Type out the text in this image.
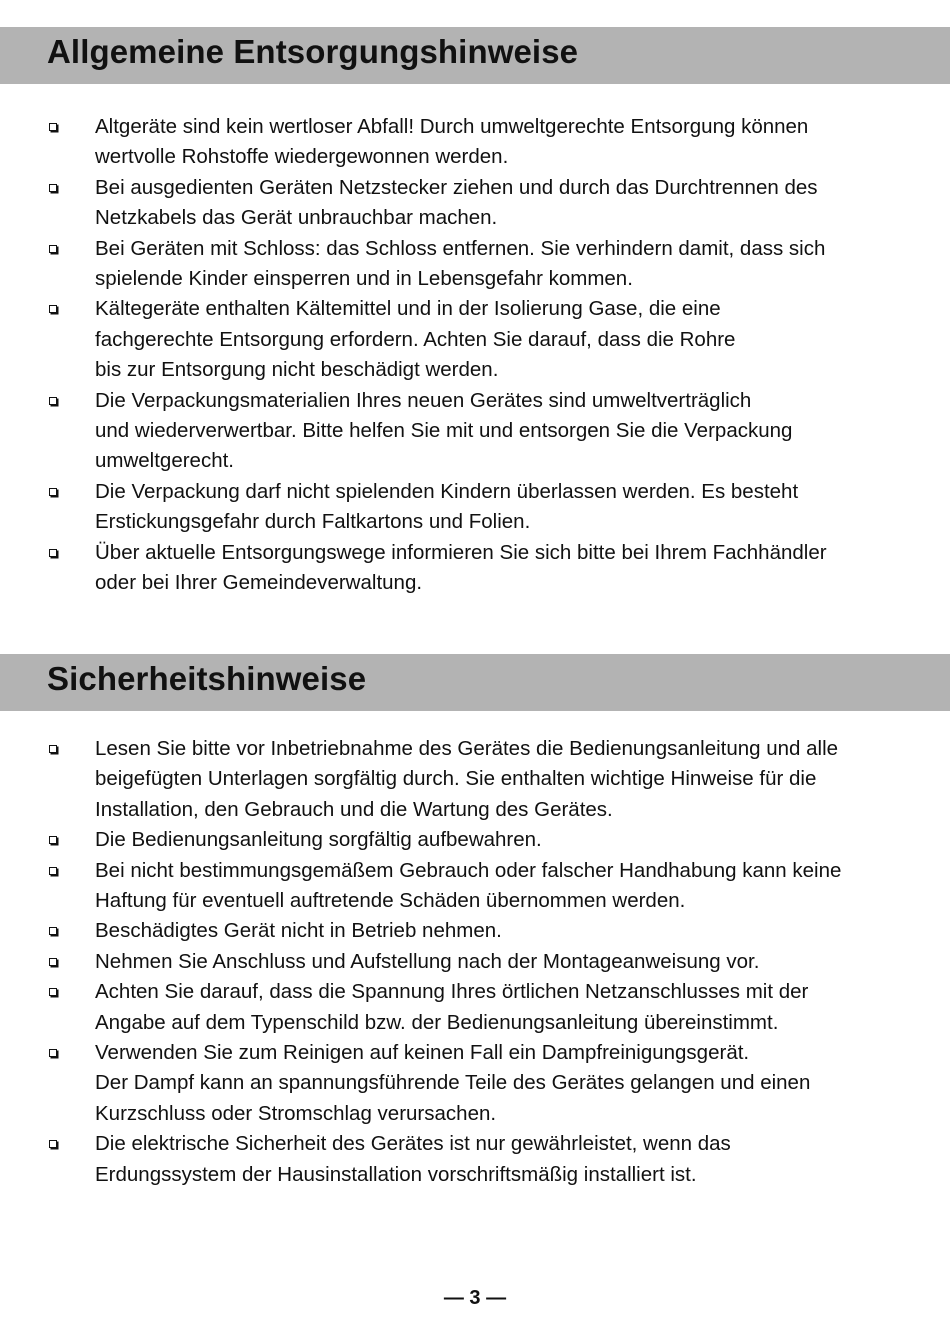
Allgemeine Entsorgungshinweise
Altgeräte sind kein wertloser Abfall! Durch umweltgerechte Entsorgung können
wertvolle Rohstoffe wiedergewonnen werden.
Bei ausgedienten Geräten Netzstecker ziehen und durch das Durchtrennen des
Netzkabels das Gerät unbrauchbar machen.
Bei Geräten mit Schloss: das Schloss entfernen. Sie verhindern damit, dass sich
spielende Kinder einsperren und in Lebensgefahr kommen.
Kältegeräte enthalten Kältemittel und in der Isolierung Gase, die eine
fachgerechte Entsorgung erfordern. Achten Sie darauf, dass die Rohre
bis zur Entsorgung nicht beschädigt werden.
Die Verpackungsmaterialien Ihres neuen Gerätes sind umweltverträglich
und wiederverwertbar. Bitte helfen Sie mit und entsorgen Sie die Verpackung
umweltgerecht.
Die Verpackung darf nicht spielenden Kindern überlassen werden. Es besteht
Erstickungsgefahr durch Faltkartons und Folien.
Über aktuelle Entsorgungswege informieren Sie sich bitte bei Ihrem Fachhändler
oder bei Ihrer Gemeindeverwaltung.
Sicherheitshinweise
Lesen Sie bitte vor Inbetriebnahme des Gerätes die Bedienungsanleitung und alle
beigefügten Unterlagen sorgfältig durch. Sie enthalten wichtige Hinweise für die
Installation, den Gebrauch und die Wartung des Gerätes.
Die Bedienungsanleitung sorgfältig aufbewahren.
Bei nicht bestimmungsgemäßem Gebrauch oder falscher Handhabung kann keine
Haftung für eventuell auftretende Schäden übernommen werden.
Beschädigtes Gerät nicht in Betrieb nehmen.
Nehmen Sie Anschluss und Aufstellung nach der Montageanweisung vor.
Achten Sie darauf, dass die Spannung Ihres örtlichen Netzanschlusses mit der
Angabe auf dem Typenschild bzw. der Bedienungsanleitung übereinstimmt.
Verwenden Sie zum Reinigen auf keinen Fall ein Dampfreinigungsgerät.
Der Dampf kann an spannungsführende Teile des Gerätes gelangen und einen
Kurzschluss oder Stromschlag verursachen.
Die elektrische Sicherheit des Gerätes ist nur gewährleistet, wenn das
Erdungssystem der Hausinstallation vorschriftsmäßig installiert ist.
— 3 —
